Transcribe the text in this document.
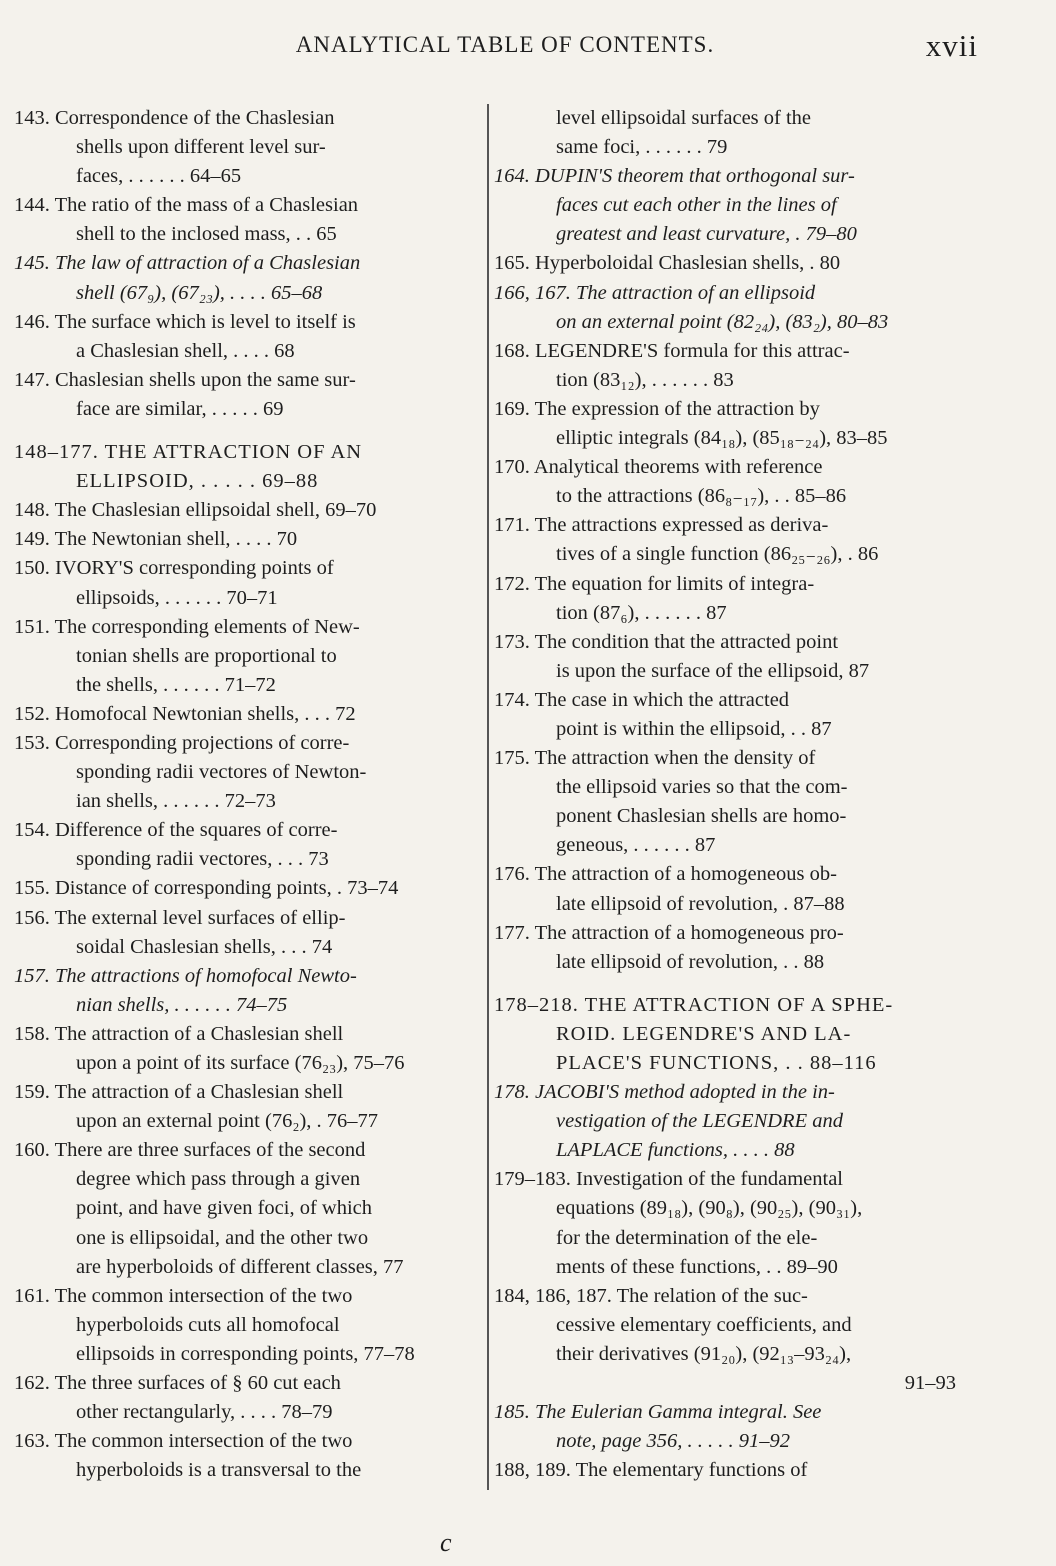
ANALYTICAL TABLE OF CONTENTS.	xvii
143. Correspondence of the Chaslesian
shells upon different level sur-
faces, . . . . . . 64–65
144. The ratio of the mass of a Chaslesian
shell to the inclosed mass, . . 65
145. The law of attraction of a Chaslesian
shell (67₉), (67₂₃), . . . . 65–68
146. The surface which is level to itself is
a Chaslesian shell, . . . . 68
147. Chaslesian shells upon the same sur-
face are similar, . . . . . 69
148–177. THE ATTRACTION OF AN
ELLIPSOID, . . . . . 69–88
148. The Chaslesian ellipsoidal shell, 69–70
149. The Newtonian shell, . . . . 70
150. IVORY'S corresponding points of
ellipsoids, . . . . . . 70–71
151. The corresponding elements of New-
tonian shells are proportional to
the shells, . . . . . . 71–72
152. Homofocal Newtonian shells, . . . 72
153. Corresponding projections of corre-
sponding radii vectores of Newton-
ian shells, . . . . . . 72–73
154. Difference of the squares of corre-
sponding radii vectores, . . . 73
155. Distance of corresponding points, . 73–74
156. The external level surfaces of ellip-
soidal Chaslesian shells, . . . 74
157. The attractions of homofocal Newto-
nian shells, . . . . . . 74–75
158. The attraction of a Chaslesian shell
upon a point of its surface (76₂₃), 75–76
159. The attraction of a Chaslesian shell
upon an external point (76₂), . 76–77
160. There are three surfaces of the second
degree which pass through a given
point, and have given foci, of which
one is ellipsoidal, and the other two
are hyperboloids of different classes, 77
161. The common intersection of the two
hyperboloids cuts all homofocal
ellipsoids in corresponding points, 77–78
162. The three surfaces of § 60 cut each
other rectangularly, . . . . 78–79
163. The common intersection of the two
hyperboloids is a transversal to the
level ellipsoidal surfaces of the
same foci, . . . . . . 79
164. DUPIN'S theorem that orthogonal sur-
faces cut each other in the lines of
greatest and least curvature, . 79–80
165. Hyperboloidal Chaslesian shells, . 80
166, 167. The attraction of an ellipsoid
on an external point (82₂₄), (83₂), 80–83
168. LEGENDRE'S formula for this attrac-
tion (83₁₂), . . . . . . 83
169. The expression of the attraction by
elliptic integrals (84₁₈), (85₁₈₋₂₄), 83–85
170. Analytical theorems with reference
to the attractions (86₈₋₁₇), . . 85–86
171. The attractions expressed as deriva-
tives of a single function (86₂₅₋₂₆), . 86
172. The equation for limits of integra-
tion (87₆), . . . . . . 87
173. The condition that the attracted point
is upon the surface of the ellipsoid, 87
174. The case in which the attracted
point is within the ellipsoid, . . 87
175. The attraction when the density of
the ellipsoid varies so that the com-
ponent Chaslesian shells are homo-
geneous, . . . . . . 87
176. The attraction of a homogeneous ob-
late ellipsoid of revolution, . 87–88
177. The attraction of a homogeneous pro-
late ellipsoid of revolution, . . 88
178–218. THE ATTRACTION OF A SPHE-
ROID. LEGENDRE'S AND LA-
PLACE'S FUNCTIONS, . . 88–116
178. JACOBI'S method adopted in the in-
vestigation of the LEGENDRE and
LAPLACE functions, . . . . 88
179–183. Investigation of the fundamental
equations (89₁₈), (90₈), (90₂₅), (90₃₁),
for the determination of the ele-
ments of these functions, . . 89–90
184, 186, 187. The relation of the suc-
cessive elementary coefficients, and
their derivatives (91₂₀), (92₁₃–93₂₄),
91–93
185. The Eulerian Gamma integral. See
note, page 356, . . . . . 91–92
188, 189. The elementary functions of
c
